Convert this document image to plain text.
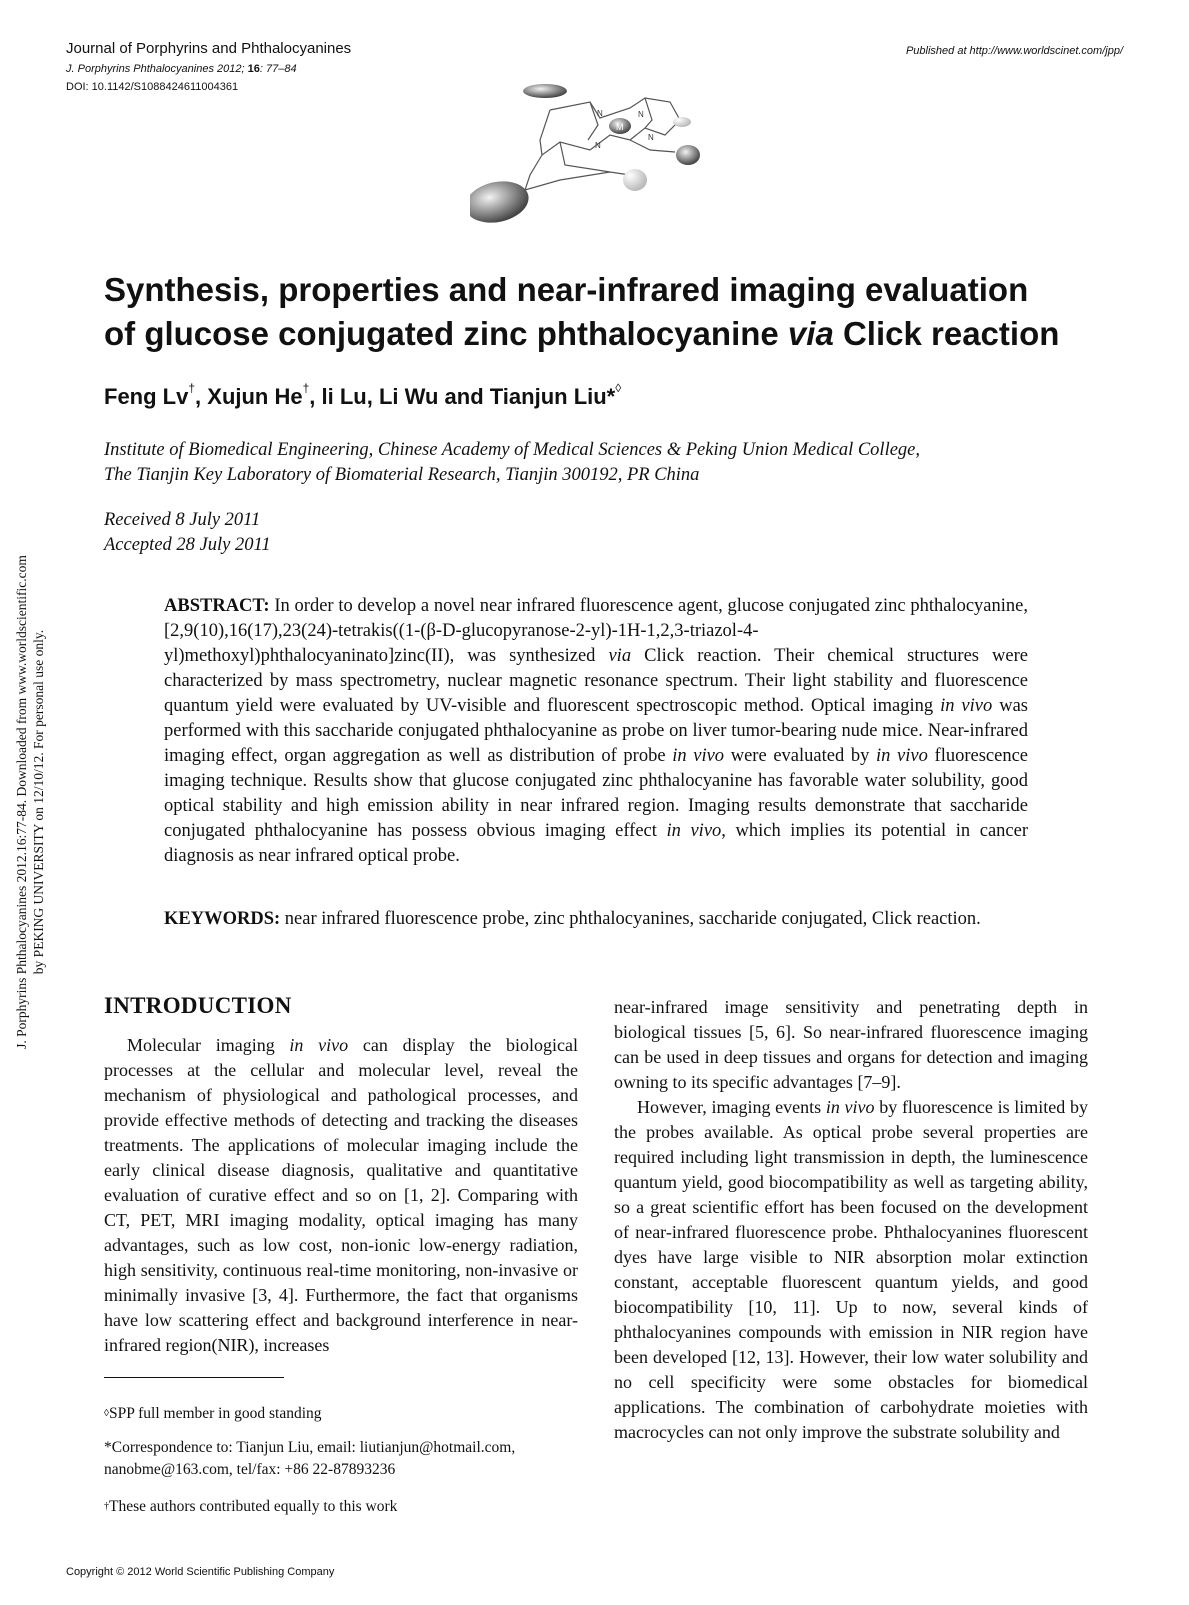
Journal of Porphyrins and Phthalocyanines
J. Porphyrins Phthalocyanines 2012; 16: 77–84
DOI: 10.1142/S1088424611004361
Published at http://www.worldscinet.com/jpp/
M
N	N
N
N
Synthesis, properties and near-infrared imaging evaluation
of glucose conjugated zinc phthalocyanine via Click reaction
Feng Lv†, Xujun He†, li Lu, Li Wu and Tianjun Liu*◊
Institute of Biomedical Engineering, Chinese Academy of Medical Sciences & Peking Union Medical College,
The Tianjin Key Laboratory of Biomaterial Research, Tianjin 300192, PR China
Received 8 July 2011
Accepted 28 July 2011
ABSTRACT: In order to develop a novel near infrared fluorescence agent, glucose conjugated zinc phthalocyanine, [2,9(10),16(17),23(24)-tetrakis((1-(β-D-glucopyranose-2-yl)-1H-1,2,3-triazol-4-yl)methoxyl)phthalocyaninato]zinc(II), was synthesized via Click reaction. Their chemical structures were characterized by mass spectrometry, nuclear magnetic resonance spectrum. Their light stability and fluorescence quantum yield were evaluated by UV-visible and fluorescent spectroscopic method. Optical imaging in vivo was performed with this saccharide conjugated phthalocyanine as probe on liver tumor-bearing nude mice. Near-infrared imaging effect, organ aggregation as well as distribution of probe in vivo were evaluated by in vivo fluorescence imaging technique. Results show that glucose conjugated zinc phthalocyanine has favorable water solubility, good optical stability and high emission ability in near infrared region. Imaging results demonstrate that saccharide conjugated phthalocyanine has possess obvious imaging effect in vivo, which implies its potential in cancer diagnosis as near infrared optical probe.
KEYWORDS: near infrared fluorescence probe, zinc phthalocyanines, saccharide conjugated, Click reaction.
INTRODUCTION

Molecular imaging in vivo can display the biological processes at the cellular and molecular level, reveal the mechanism of physiological and pathological processes, and provide effective methods of detecting and tracking the diseases treatments. The applications of molecular imaging include the early clinical disease diagnosis, qualitative and quantitative evaluation of curative effect and so on [1, 2]. Comparing with CT, PET, MRI imaging modality, optical imaging has many advantages, such as low cost, non-ionic low-energy radiation, high sensitivity, continuous real-time monitoring, non-invasive or minimally invasive [3, 4]. Furthermore, the fact that organisms have low scattering effect and background interference in near-infrared region(NIR), increases

near-infrared image sensitivity and penetrating depth in biological tissues [5, 6]. So near-infrared fluorescence imaging can be used in deep tissues and organs for detection and imaging owning to its specific advantages [7–9].

However, imaging events in vivo by fluorescence is limited by the probes available. As optical probe several properties are required including light transmission in depth, the luminescence quantum yield, good biocompatibility as well as targeting ability, so a great scientific effort has been focused on the development of near-infrared fluorescence probe. Phthalocyanines fluorescent dyes have large visible to NIR absorption molar extinction constant, acceptable fluorescent quantum yields, and good biocompatibility [10, 11]. Up to now, several kinds of phthalocyanines compounds with emission in NIR region have been developed [12, 13]. However, their low water solubility and no cell specificity were some obstacles for biomedical applications. The combination of carbohydrate moieties with macrocycles can not only improve the substrate solubility and

◊SPP full member in good standing
*Correspondence to: Tianjun Liu, email: liutianjun@hotmail.com,
nanobme@163.com, tel/fax: +86 22-87893236
†These authors contributed equally to this work
Copyright © 2012 World Scientific Publishing Company
J. Porphyrins Phthalocyanines 2012.16:77-84. Downloaded from www.worldscientific.com by PEKING UNIVERSITY on 12/10/12. For personal use only.
